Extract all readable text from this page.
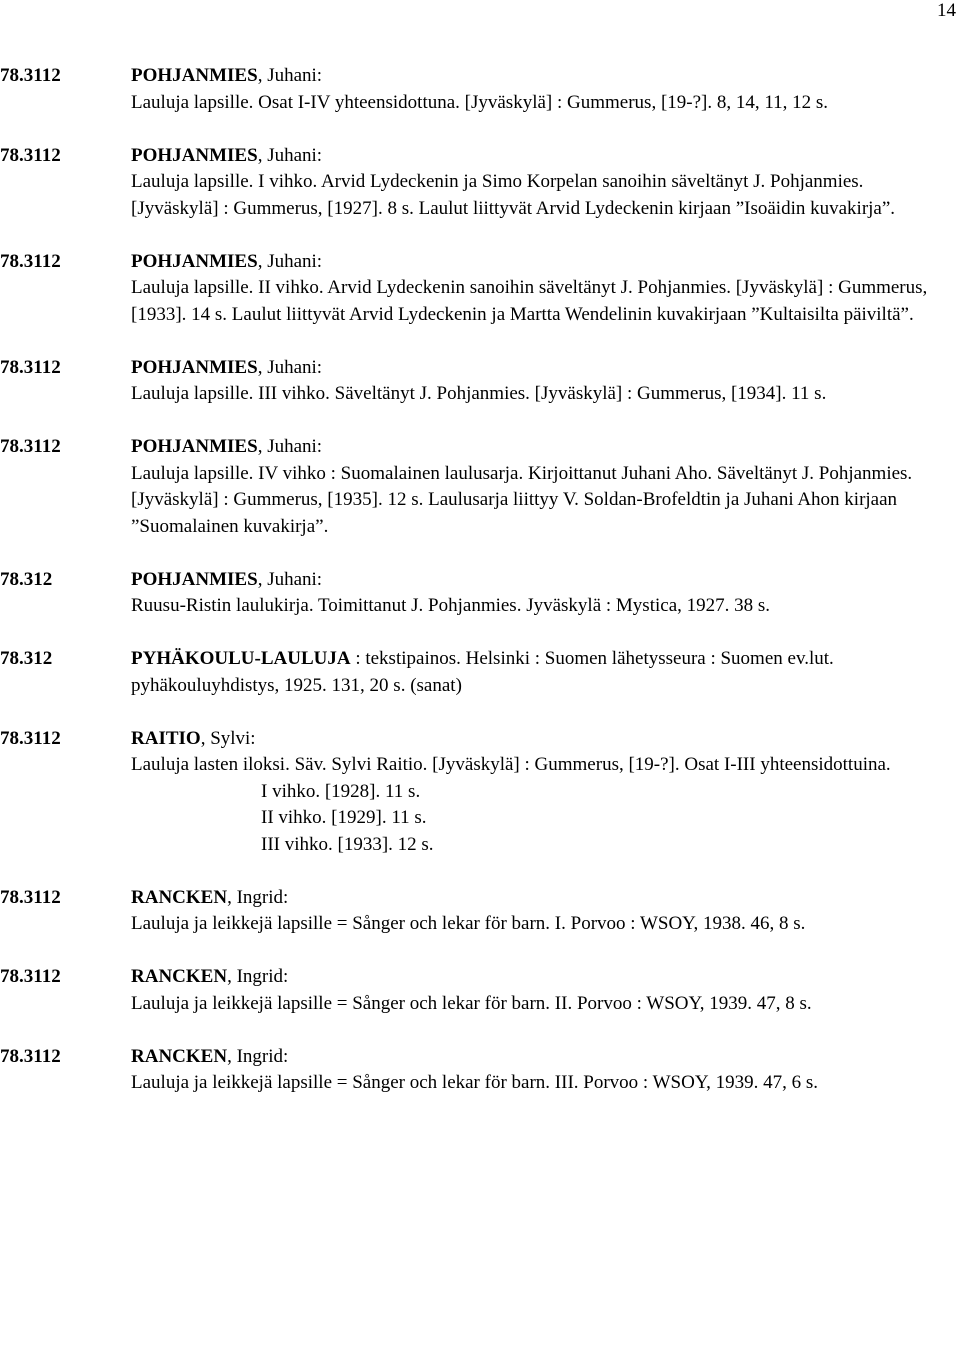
14
78.3112	POHJANMIES, Juhani:
Lauluja lapsille. Osat I-IV yhteensidottuna. [Jyväskylä] : Gummerus, [19-?]. 8, 14, 11, 12 s.
78.3112	POHJANMIES, Juhani:
Lauluja lapsille. I vihko. Arvid Lydeckenin ja Simo Korpelan sanoihin säveltänyt J. Pohjanmies. [Jyväskylä] : Gummerus, [1927]. 8 s. Laulut liittyvät Arvid Lydeckenin kirjaan ”Isoäidin kuvakirja”.
78.3112	POHJANMIES, Juhani:
Lauluja lapsille. II vihko. Arvid Lydeckenin sanoihin säveltänyt J. Pohjanmies. [Jyväskylä] : Gummerus, [1933]. 14 s. Laulut liittyvät Arvid Lydeckenin ja Martta Wendelinin kuvakirjaan ”Kultaisilta päiviltä”.
78.3112	POHJANMIES, Juhani:
Lauluja lapsille. III vihko. Säveltänyt J. Pohjanmies. [Jyväskylä] : Gummerus, [1934]. 11 s.
78.3112	POHJANMIES, Juhani:
Lauluja lapsille. IV vihko : Suomalainen laulusarja. Kirjoittanut Juhani Aho. Säveltänyt J. Pohjanmies. [Jyväskylä] : Gummerus, [1935]. 12 s. Laulusarja liittyy V. Soldan-Brofeldtin ja Juhani Ahon kirjaan ”Suomalainen kuvakirja”.
78.312	POHJANMIES, Juhani:
Ruusu-Ristin laulukirja. Toimittanut J. Pohjanmies. Jyväskylä : Mystica, 1927. 38 s.
78.312	PYHÄKOULU-LAULUJA : tekstipainos. Helsinki : Suomen lähetysseura : Suomen ev.lut. pyhäkouluyhdistys, 1925. 131, 20 s. (sanat)
78.3112	RAITIO, Sylvi:
Lauluja lasten iloksi. Säv. Sylvi Raitio. [Jyväskylä] : Gummerus, [19-?]. Osat I-III yhteensidottuina.
I vihko. [1928]. 11 s.
II vihko. [1929]. 11 s.
III vihko. [1933]. 12 s.
78.3112	RANCKEN, Ingrid:
Lauluja ja leikkejä lapsille = Sånger och lekar för barn. I. Porvoo : WSOY, 1938. 46, 8 s.
78.3112	RANCKEN, Ingrid:
Lauluja ja leikkejä lapsille = Sånger och lekar för barn. II. Porvoo : WSOY, 1939. 47, 8 s.
78.3112	RANCKEN, Ingrid:
Lauluja ja leikkejä lapsille = Sånger och lekar för barn. III. Porvoo : WSOY, 1939. 47, 6 s.
